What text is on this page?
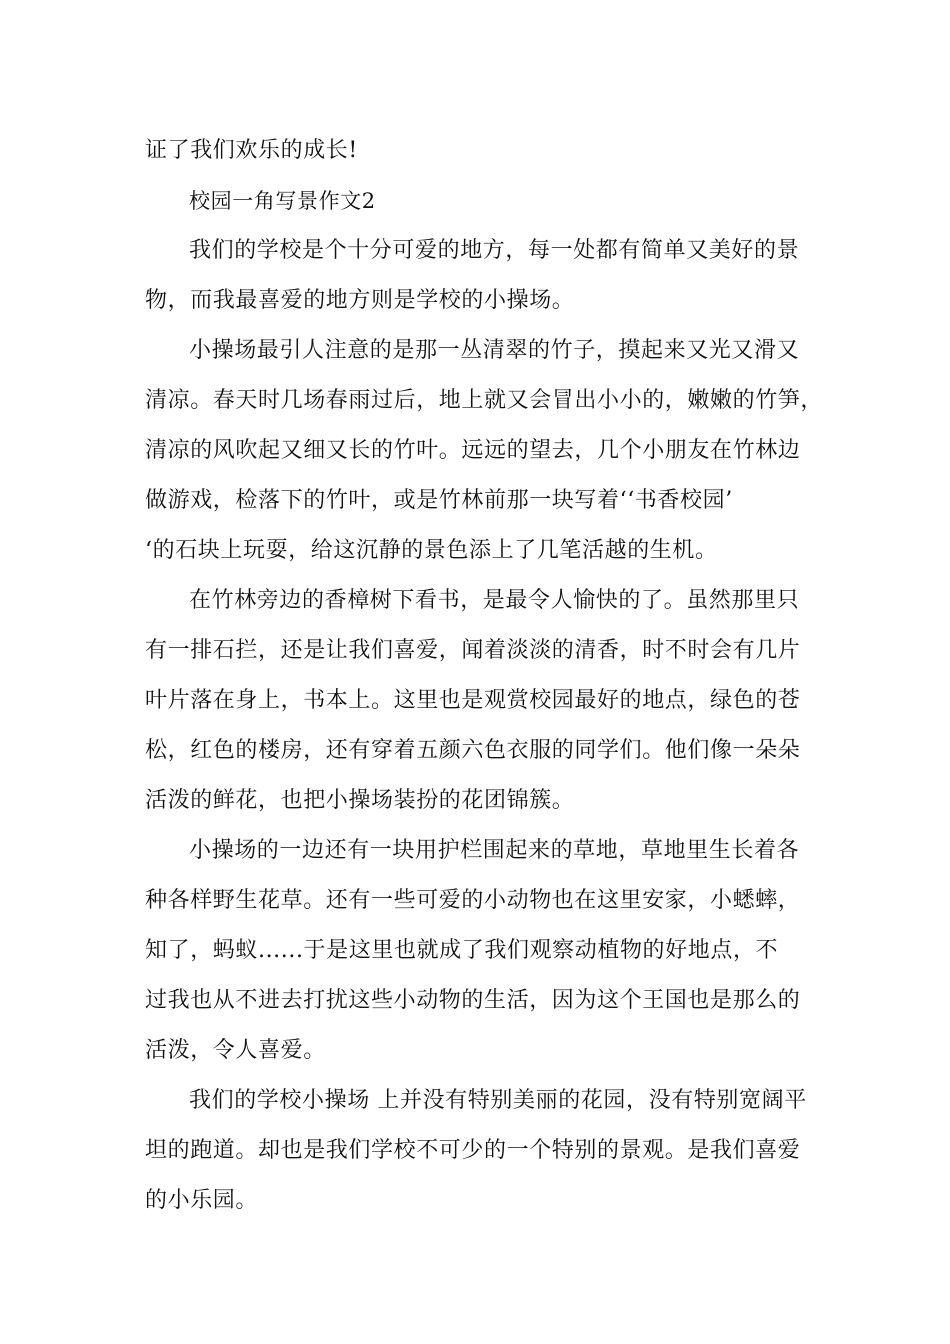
证了我们欢乐的成长!
校园一角写景作文2
我们的学校是个十分可爱的地方，每一处都有简单又美好的景
物，而我最喜爱的地方则是学校的小操场。
小操场最引人注意的是那一丛清翠的竹子，摸起来又光又滑又
清凉。春天时几场春雨过后，地上就又会冒出小小的，嫩嫩的竹笋，
清凉的风吹起又细又长的竹叶。远远的望去，几个小朋友在竹林边
做游戏，检落下的竹叶，或是竹林前那一块写着‘‘书香校园’
‘的石块上玩耍，给这沉静的景色添上了几笔活越的生机。
在竹林旁边的香樟树下看书，是最令人愉快的了。虽然那里只
有一排石拦，还是让我们喜爱，闻着淡淡的清香，时不时会有几片
叶片落在身上，书本上。这里也是观赏校园最好的地点，绿色的苍
松，红色的楼房，还有穿着五颜六色衣服的同学们。他们像一朵朵
活泼的鲜花，也把小操场装扮的花团锦簇。
小操场的一边还有一块用护栏围起来的草地，草地里生长着各
种各样野生花草。还有一些可爱的小动物也在这里安家，小蟋蟀，
知了，蚂蚁......于是这里也就成了我们观察动植物的好地点，不
过我也从不进去打扰这些小动物的生活，因为这个王国也是那么的
活泼，令人喜爱。
我们的学校小操场 上并没有特别美丽的花园，没有特别宽阔平
坦的跑道。却也是我们学校不可少的一个特别的景观。是我们喜爱
的小乐园。
